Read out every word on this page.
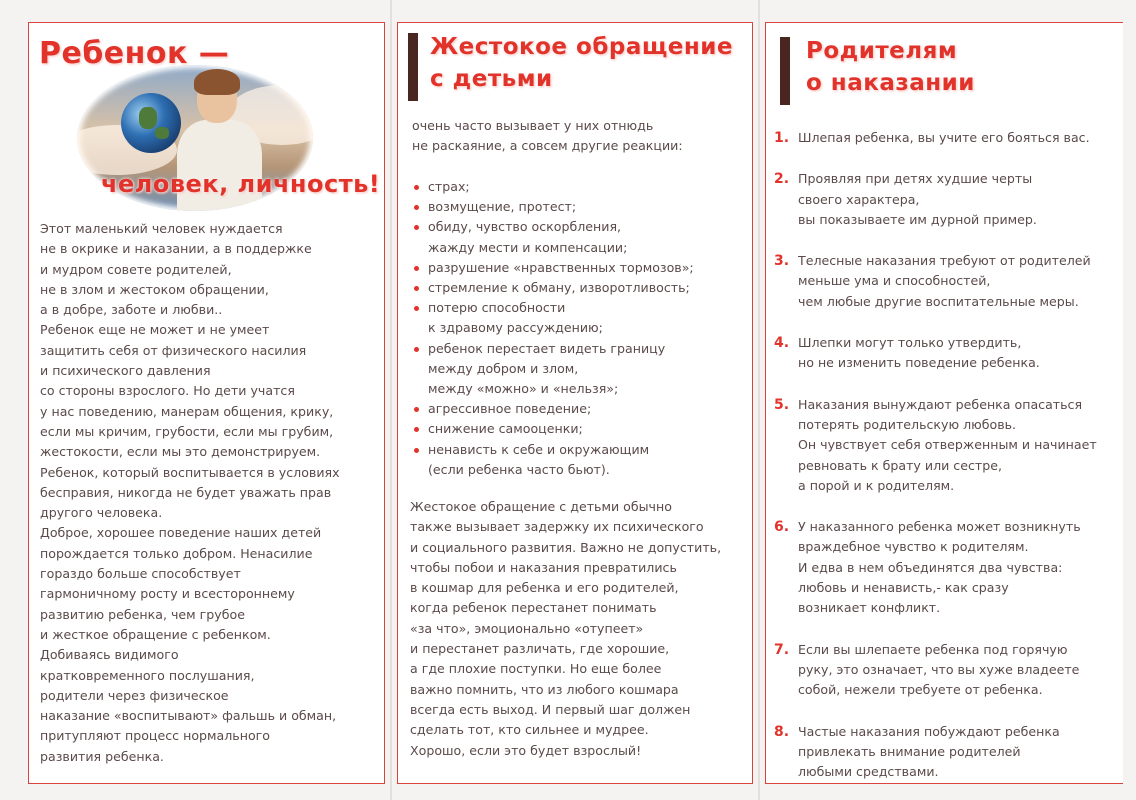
Ребенок —
человек, личность!
Этот маленький человек нуждается
не в окрике и наказании, а в поддержке
и мудром совете родителей,
не в злом и жестоком обращении,
а в добре, заботе и любви..
Ребенок еще не может и не умеет
защитить себя от физического насилия
и психического давления
со стороны взрослого. Но дети учатся
у нас поведению, манерам общения, крику,
если мы кричим, грубости, если мы грубим,
жестокости, если мы это демонстрируем.
Ребенок, который воспитывается в условиях
бесправия, никогда не будет уважать прав
другого человека.
Доброе, хорошее поведение наших детей
порождается только добром. Ненасилие
гораздо больше способствует
гармоничному росту и всестороннему
развитию ребенка, чем грубое
и жесткое обращение с ребенком.
Добиваясь видимого
кратковременного послушания,
родители через физическое
наказание «воспитывают» фальшь и обман,
притупляют процесс нормального
развития ребенка.
Жестокое обращение
с детьми
очень часто вызывает у них отнюдь
не раскаяние, а совсем другие реакции:
страх;
возмущение, протест;
обиду, чувство оскорбления,
жажду мести и компенсации;
разрушение «нравственных тормозов»;
стремление к обману, изворотливость;
потерю способности
к здравому рассуждению;
ребенок перестает видеть границу
между добром и злом,
между «можно» и «нельзя»;
агрессивное поведение;
снижение самооценки;
ненависть к себе и окружающим
(если ребенка часто бьют).
Жестокое обращение с детьми обычно
также вызывает задержку их психического
и социального развития. Важно не допустить,
чтобы побои и наказания превратились
в кошмар для ребенка и его родителей,
когда ребенок перестанет понимать
«за что», эмоционально «отупеет»
и перестанет различать, где хорошие,
а где плохие поступки. Но еще более
важно помнить, что из любого кошмара
всегда есть выход. И первый шаг должен
сделать тот, кто сильнее и мудрее.
Хорошо, если это будет взрослый!
Родителям
о наказании
1. Шлепая ребенка, вы учите его бояться вас.
2. Проявляя при детях худшие черты
своего характера,
вы показываете им дурной пример.
3. Телесные наказания требуют от родителей
меньше ума и способностей,
чем любые другие воспитательные меры.
4. Шлепки могут только утвердить,
но не изменить поведение ребенка.
5. Наказания вынуждают ребенка опасаться
потерять родительскую любовь.
Он чувствует себя отверженным и начинает
ревновать к брату или сестре,
а порой и к родителям.
6. У наказанного ребенка может возникнуть
враждебное чувство к родителям.
И едва в нем объединятся два чувства:
любовь и ненависть,- как сразу
возникает конфликт.
7. Если вы шлепаете ребенка под горячую
руку, это означает, что вы хуже владеете
собой, нежели требуете от ребенка.
8. Частые наказания побуждают ребенка
привлекать внимание родителей
любыми средствами.
